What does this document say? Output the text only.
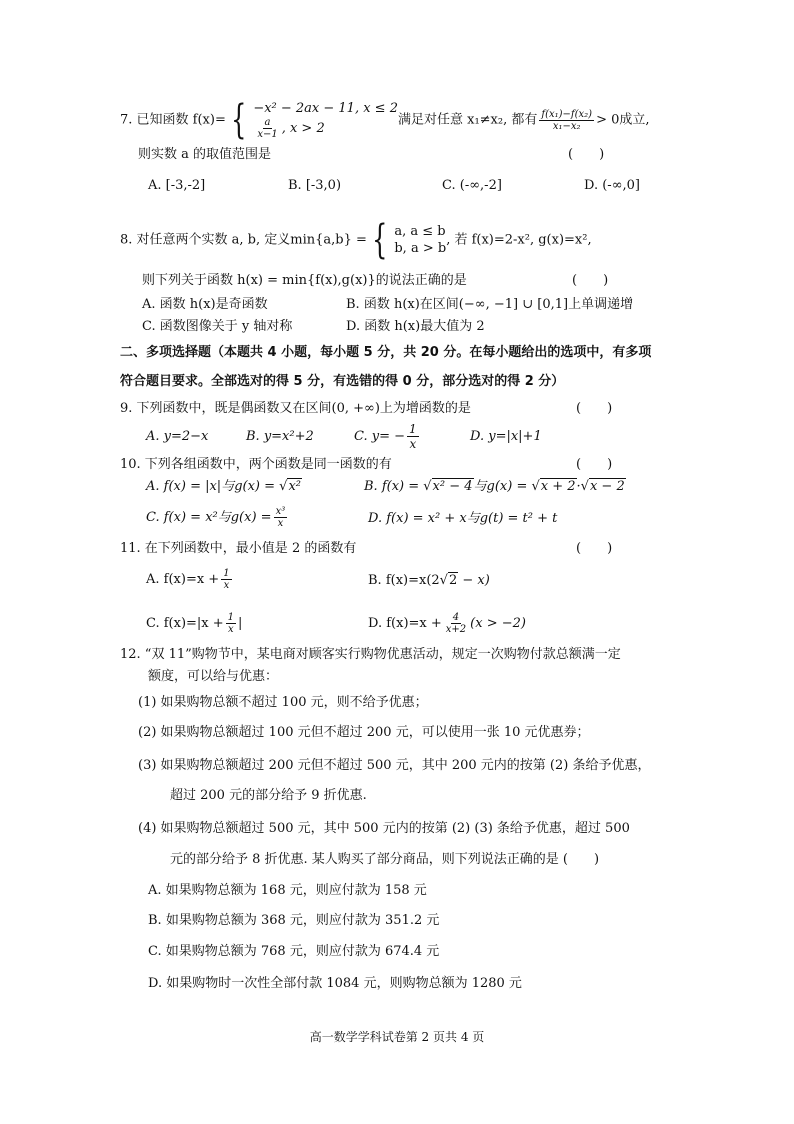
7. 已知函数 f(x)= { −x² − 2ax − 11, x ≤ 2
$\frac{a}{x-1}$ , x > 2
满足对任意 x₁≠x₂, 都有 $\frac{\text{f(x₁)−f(x₂)}}{\text{x₁−x₂}} > 0$成立,
则实数 a 的取值范围是	(　　)
A. [-3,-2]	B. [-3,0)	C. (-∞,-2]	D. (-∞,0]
8. 对任意两个实数 a, b, 定义min{a,b} = { a, a ≤ b
b, a > b
, 若 f(x)=2-x², g(x)=x²,
则下列关于函数 h(x) = min{f(x),g(x)}的说法正确的是	(　　)
A. 函数 h(x)是奇函数	B. 函数 h(x)在区间(−∞, −1] ∪ [0,1]上单调递增
C. 函数图像关于 y 轴对称	D. 函数 h(x)最大值为 2
二、多项选择题（本题共 4 小题，每小题 5 分，共 20 分。在每小题给出的选项中，有多项
符合题目要求。全部选对的得 5 分，有选错的得 0 分，部分选对的得 2 分）
9. 下列函数中，既是偶函数又在区间(0, +∞)上为增函数的是	(　　)
A. y=2−x	B. y=x²+2	C. $y= - \frac{1}{x}$	D. y=|x|+1
10. 下列各组函数中，两个函数是同一函数的有	(　　)
A. f(x) = |x|与g(x) = √x²	B. f(x) = √x² − 4与g(x) = √x + 2·√x − 2
C. f(x) = x²与$g(x) = \frac{\text{x³}}{x}$	D. f(x) = x² + x与g(t) = t² + t
11. 在下列函数中，最小值是 2 的函数有	(　　)
A. $f(x)=x + \frac{1}{x}$	B. f(x)=x(2√2 − x)
C. $f(x)=|x + \frac{1}{x}$ |	D. $f(x)=x + \frac{4}{x+2} (x > -2)$
12. “双 11”购物节中，某电商对顾客实行购物优惠活动，规定一次购物付款总额满一定
额度，可以给与优惠：
(1) 如果购物总额不超过 100 元，则不给予优惠；
(2) 如果购物总额超过 100 元但不超过 200 元，可以使用一张 10 元优惠券；
(3) 如果购物总额超过 200 元但不超过 500 元，其中 200 元内的按第 (2) 条给予优惠，
超过 200 元的部分给予 9 折优惠.
(4) 如果购物总额超过 500 元，其中 500 元内的按第 (2) (3) 条给予优惠，超过 500
元的部分给予 8 折优惠. 某人购买了部分商品，则下列说法正确的是 (　　)
A. 如果购物总额为 168 元，则应付款为 158 元
B. 如果购物总额为 368 元，则应付款为 351.2 元
C. 如果购物总额为 768 元，则应付款为 674.4 元
D. 如果购物时一次性全部付款 1084 元，则购物总额为 1280 元
高一数学学科试卷第 2 页共 4 页
